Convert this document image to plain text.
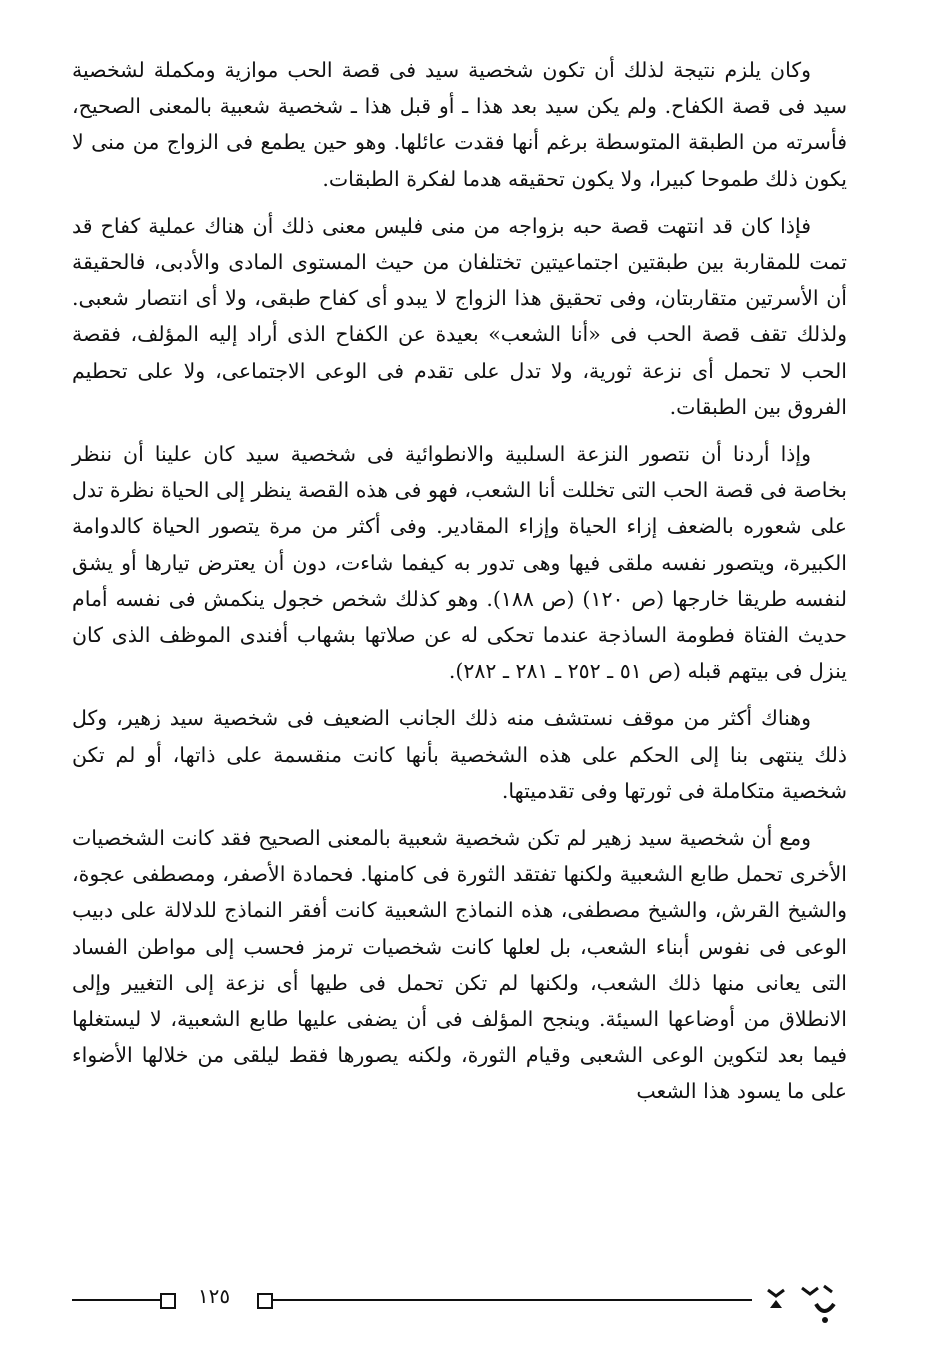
وكان يلزم نتيجة لذلك أن تكون شخصية سيد فى قصة الحب موازية ومكملة لشخصية سيد فى قصة الكفاح. ولم يكن سيد بعد هذا ـ أو قبل هذا ـ شخصية شعبية بالمعنى الصحيح، فأسرته من الطبقة المتوسطة برغم أنها فقدت عائلها. وهو حين يطمع فى الزواج من منى لا يكون ذلك طموحا كبيرا، ولا يكون تحقيقه هدما لفكرة الطبقات.

فإذا كان قد انتهت قصة حبه بزواجه من منى فليس معنى ذلك أن هناك عملية كفاح قد تمت للمقاربة بين طبقتين اجتماعيتين تختلفان من حيث المستوى المادى والأدبى، فالحقيقة أن الأسرتين متقاربتان، وفى تحقيق هذا الزواج لا يبدو أى كفاح طبقى، ولا أى انتصار شعبى. ولذلك تقف قصة الحب فى «أنا الشعب» بعيدة عن الكفاح الذى أراد إليه المؤلف، فقصة الحب لا تحمل أى نزعة ثورية، ولا تدل على تقدم فى الوعى الاجتماعى، ولا على تحطيم الفروق بين الطبقات.

وإذا أردنا أن نتصور النزعة السلبية والانطوائية فى شخصية سيد كان علينا أن ننظر بخاصة فى قصة الحب التى تخللت أنا الشعب، فهو فى هذه القصة ينظر إلى الحياة نظرة تدل على شعوره بالضعف إزاء الحياة وإزاء المقادير. وفى أكثر من مرة يتصور الحياة كالدوامة الكبيرة، ويتصور نفسه ملقى فيها وهى تدور به كيفما شاءت، دون أن يعترض تيارها أو يشق لنفسه طريقا خارجها (ص ١٢٠) (ص ١٨٨). وهو كذلك شخص خجول ينكمش فى نفسه أمام حديث الفتاة فطومة الساذجة عندما تحكى له عن صلاتها بشهاب أفندى الموظف الذى كان ينزل فى بيتهم قبله (ص ٥١ ـ ٢٥٢ ـ ٢٨١ ـ ٢٨٢).

وهناك أكثر من موقف نستشف منه ذلك الجانب الضعيف فى شخصية سيد زهير، وكل ذلك ينتهى بنا إلى الحكم على هذه الشخصية بأنها كانت منقسمة على ذاتها، أو لم تكن شخصية متكاملة فى ثورتها وفى تقدميتها.

ومع أن شخصية سيد زهير لم تكن شخصية شعبية بالمعنى الصحيح فقد كانت الشخصيات الأخرى تحمل طابع الشعبية ولكنها تفتقد الثورة فى كامنها. فحمادة الأصفر، ومصطفى عجوة، والشيخ القرش، والشيخ مصطفى، هذه النماذج الشعبية كانت أفقر النماذج للدلالة على دبيب الوعى فى نفوس أبناء الشعب، بل لعلها كانت شخصيات ترمز فحسب إلى مواطن الفساد التى يعانى منها ذلك الشعب، ولكنها لم تكن تحمل فى طيها أى نزعة إلى التغيير وإلى الانطلاق من أوضاعها السيئة. وينجح المؤلف فى أن يضفى عليها طابع الشعبية، لا ليستغلها فيما بعد لتكوين الوعى الشعبى وقيام الثورة، ولكنه يصورها فقط ليلقى من خلالها الأضواء على ما يسود هذا الشعب

١٢٥
